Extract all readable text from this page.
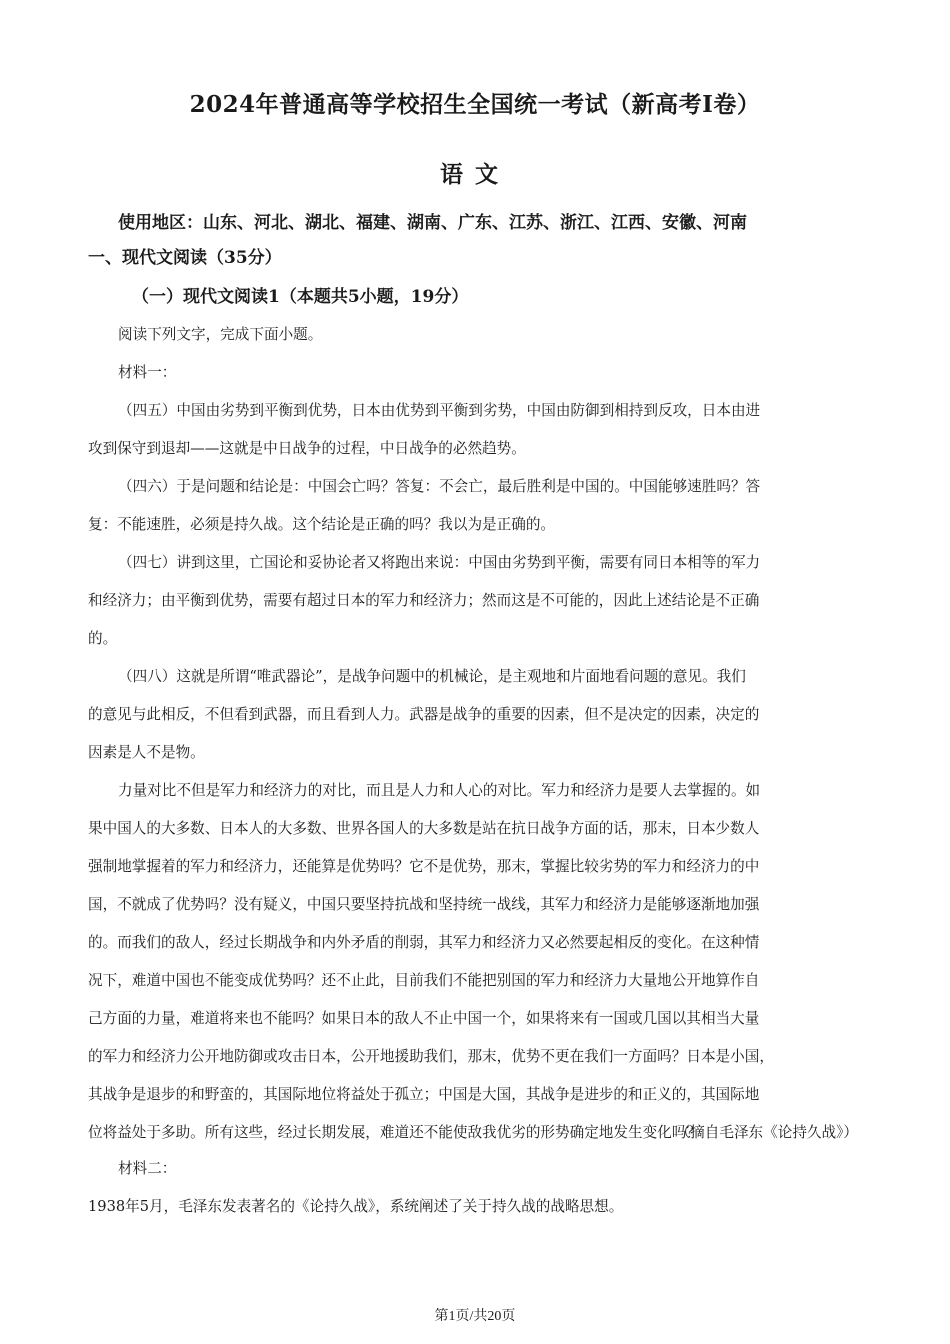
2024年普通高等学校招生全国统一考试（新高考Ⅰ卷）
语文
使用地区：山东、河北、湖北、福建、湖南、广东、江苏、浙江、江西、安徽、河南
一、现代文阅读（35分）
（一）现代文阅读1（本题共5小题，19分）
阅读下列文字，完成下面小题。
材料一：
（四五）中国由劣势到平衡到优势，日本由优势到平衡到劣势，中国由防御到相持到反攻，日本由进
攻到保守到退却——这就是中日战争的过程，中日战争的必然趋势。
（四六）于是问题和结论是：中国会亡吗？答复：不会亡，最后胜利是中国的。中国能够速胜吗？答
复：不能速胜，必须是持久战。这个结论是正确的吗？我以为是正确的。
（四七）讲到这里，亡国论和妥协论者又将跑出来说：中国由劣势到平衡，需要有同日本相等的军力
和经济力；由平衡到优势，需要有超过日本的军力和经济力；然而这是不可能的，因此上述结论是不正确
的。
（四八）这就是所谓“唯武器论”，是战争问题中的机械论，是主观地和片面地看问题的意见。我们
的意见与此相反，不但看到武器，而且看到人力。武器是战争的重要的因素，但不是决定的因素，决定的
因素是人不是物。
力量对比不但是军力和经济力的对比，而且是人力和人心的对比。军力和经济力是要人去掌握的。如
果中国人的大多数、日本人的大多数、世界各国人的大多数是站在抗日战争方面的话，那末，日本少数人
强制地掌握着的军力和经济力，还能算是优势吗？它不是优势，那末，掌握比较劣势的军力和经济力的中
国，不就成了优势吗？没有疑义，中国只要坚持抗战和坚持统一战线，其军力和经济力是能够逐渐地加强
的。而我们的敌人，经过长期战争和内外矛盾的削弱，其军力和经济力又必然要起相反的变化。在这种情
况下，难道中国也不能变成优势吗？还不止此，目前我们不能把别国的军力和经济力大量地公开地算作自
己方面的力量，难道将来也不能吗？如果日本的敌人不止中国一个，如果将来有一国或几国以其相当大量
的军力和经济力公开地防御或攻击日本，公开地援助我们，那末，优势不更在我们一方面吗？日本是小国，
其战争是退步的和野蛮的，其国际地位将益处于孤立；中国是大国，其战争是进步的和正义的，其国际地
位将益处于多助。所有这些，经过长期发展，难道还不能使敌我优劣的形势确定地发生变化吗？
（摘自毛泽东《论持久战》）
材料二：
1938年5月，毛泽东发表著名的《论持久战》，系统阐述了关于持久战的战略思想。
第1页/共20页
